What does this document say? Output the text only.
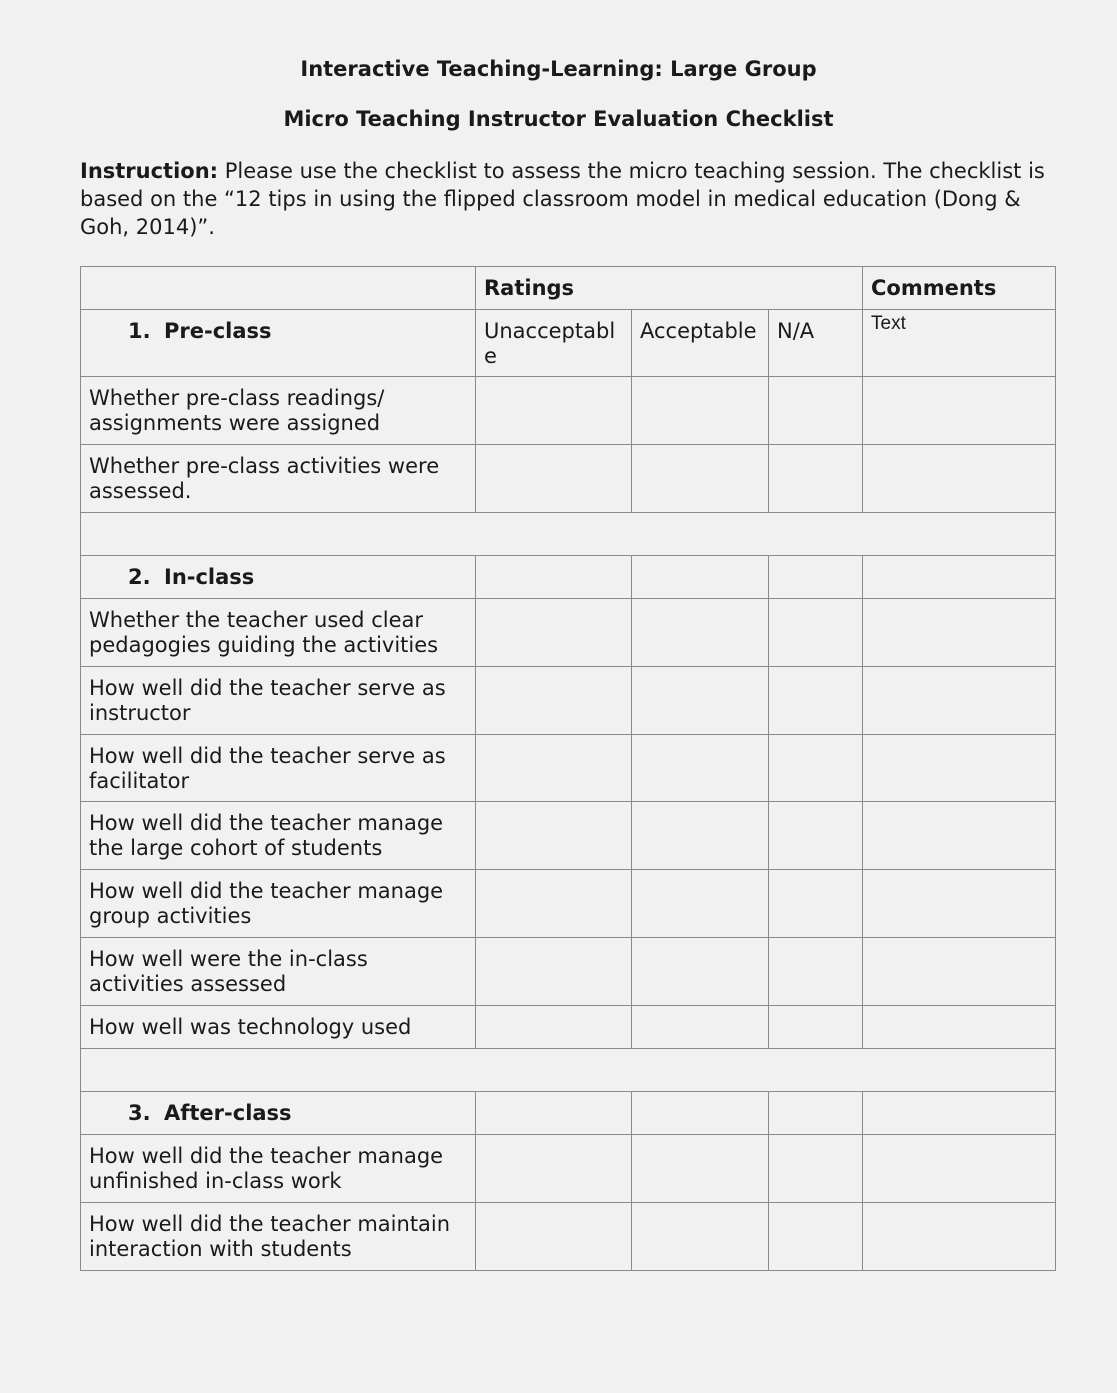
Interactive Teaching-Learning: Large Group
Micro Teaching Instructor Evaluation Checklist
Instruction: Please use the checklist to assess the micro teaching session. The checklist is based on the “12 tips in using the flipped classroom model in medical education (Dong & Goh, 2014)”.
	Ratings			Comments
1. Pre-class	Unacceptable	Acceptable	N/A	Text
Whether pre-class readings/ assignments were assigned				
Whether pre-class activities were assessed.				

2. In-class				
Whether the teacher used clear pedagogies guiding the activities				
How well did the teacher serve as instructor				
How well did the teacher serve as facilitator				
How well did the teacher manage the large cohort of students				
How well did the teacher manage group activities				
How well were the in-class activities assessed				
How well was technology used				

3. After-class				
How well did the teacher manage unfinished in-class work				
How well did the teacher maintain interaction with students				
